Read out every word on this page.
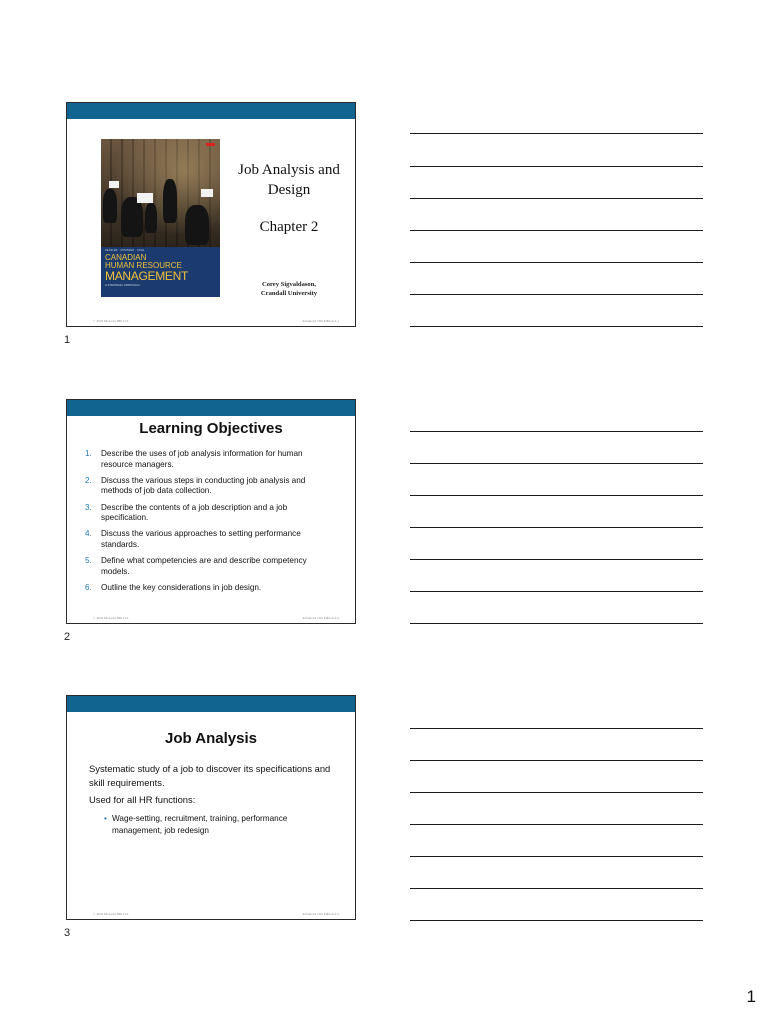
DESSLER · CHHINZER · COLE
CANADIAN
HUMAN RESOURCE
MANAGEMENT
A STRATEGIC APPROACH
Job Analysis and Design
Chapter 2
Corey Sigvaldason,
Crandall University
© 2022 McGraw Hill Ltd.	Advanced 13th Edition 2-1
1
Learning Objectives
1. Describe the uses of job analysis information for human resource managers.
2. Discuss the various steps in conducting job analysis and methods of job data collection.
3. Describe the contents of a job description and a job specification.
4. Discuss the various approaches to setting performance standards.
5. Define what competencies are and describe competency models.
6. Outline the key considerations in job design.
© 2022 McGraw Hill Ltd.	Advanced 13th Edition 2-2
2
Job Analysis
Systematic study of a job to discover its specifications and skill requirements.
Used for all HR functions:
• Wage-setting, recruitment, training, performance management, job redesign
© 2022 McGraw Hill Ltd.	Advanced 13th Edition 2-3
3
1
